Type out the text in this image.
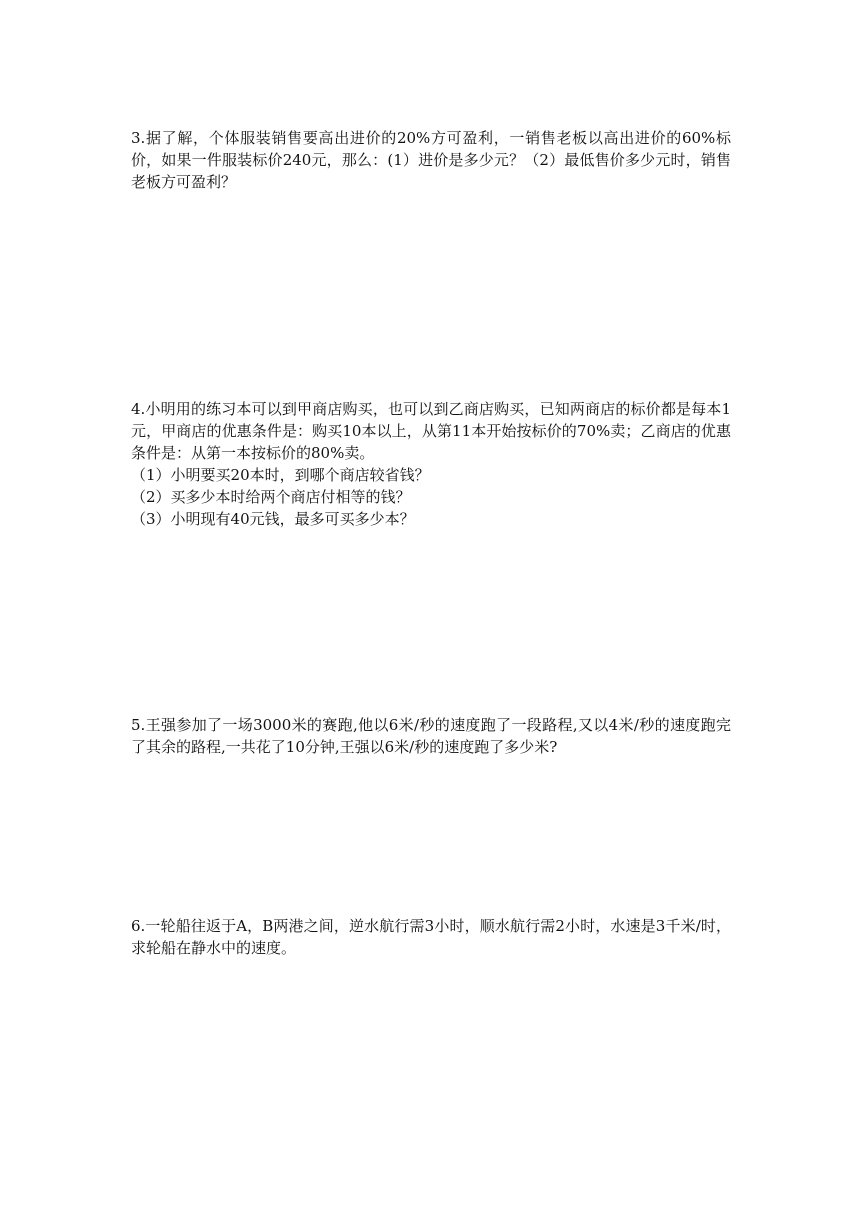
3.据了解，个体服装销售要高出进价的20%方可盈利，一销售老板以高出进价的60%标价，如果一件服装标价240元，那么：(1）进价是多少元？（2）最低售价多少元时，销售老板方可盈利？

4.小明用的练习本可以到甲商店购买，也可以到乙商店购买，已知两商店的标价都是每本1元，甲商店的优惠条件是：购买10本以上，从第11本开始按标价的70%卖；乙商店的优惠条件是：从第一本按标价的80%卖。

（1）小明要买20本时，到哪个商店较省钱？

（2）买多少本时给两个商店付相等的钱？

（3）小明现有40元钱，最多可买多少本？

5.王强参加了一场3000米的赛跑,他以6米/秒的速度跑了一段路程,又以4米/秒的速度跑完了其余的路程,一共花了10分钟,王强以6米/秒的速度跑了多少米?

6.一轮船往返于A，B两港之间，逆水航行需3小时，顺水航行需2小时，水速是3千米/时，求轮船在静水中的速度。
